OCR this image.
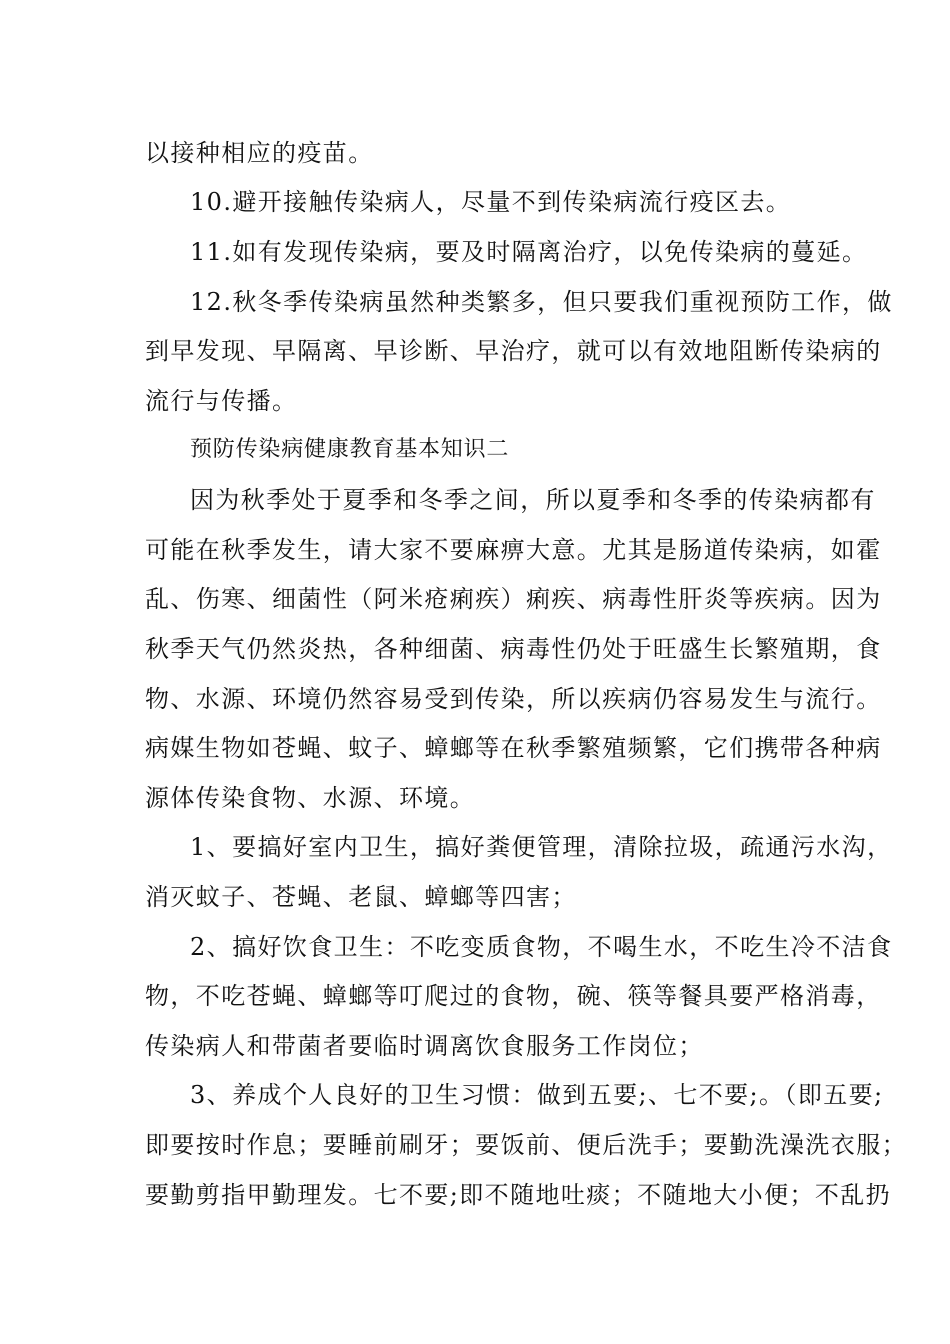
以接种相应的疫苗。
10.避开接触传染病人，尽量不到传染病流行疫区去。
11.如有发现传染病，要及时隔离治疗，以免传染病的蔓延。
12.秋冬季传染病虽然种类繁多，但只要我们重视预防工作，做
到早发现、早隔离、早诊断、早治疗，就可以有效地阻断传染病的
流行与传播。
预防传染病健康教育基本知识二
因为秋季处于夏季和冬季之间，所以夏季和冬季的传染病都有
可能在秋季发生，请大家不要麻痹大意。尤其是肠道传染病，如霍
乱、伤寒、细菌性（阿米疮痢疾）痢疾、病毒性肝炎等疾病。因为
秋季天气仍然炎热，各种细菌、病毒性仍处于旺盛生长繁殖期，食
物、水源、环境仍然容易受到传染，所以疾病仍容易发生与流行。
病媒生物如苍蝇、蚊子、蟑螂等在秋季繁殖频繁，它们携带各种病
源体传染食物、水源、环境。
1、要搞好室内卫生，搞好粪便管理，清除拉圾，疏通污水沟，
消灭蚊子、苍蝇、老鼠、蟑螂等四害；
2、搞好饮食卫生：不吃变质食物，不喝生水，不吃生冷不洁食
物，不吃苍蝇、蟑螂等叮爬过的食物，碗、筷等餐具要严格消毒，
传染病人和带菌者要临时调离饮食服务工作岗位；
3、养成个人良好的卫生习惯：做到五要;、七不要;。（即五要;
即要按时作息；要睡前刷牙；要饭前、便后洗手；要勤洗澡洗衣服；
要勤剪指甲勤理发。七不要;即不随地吐痰；不随地大小便；不乱扔
